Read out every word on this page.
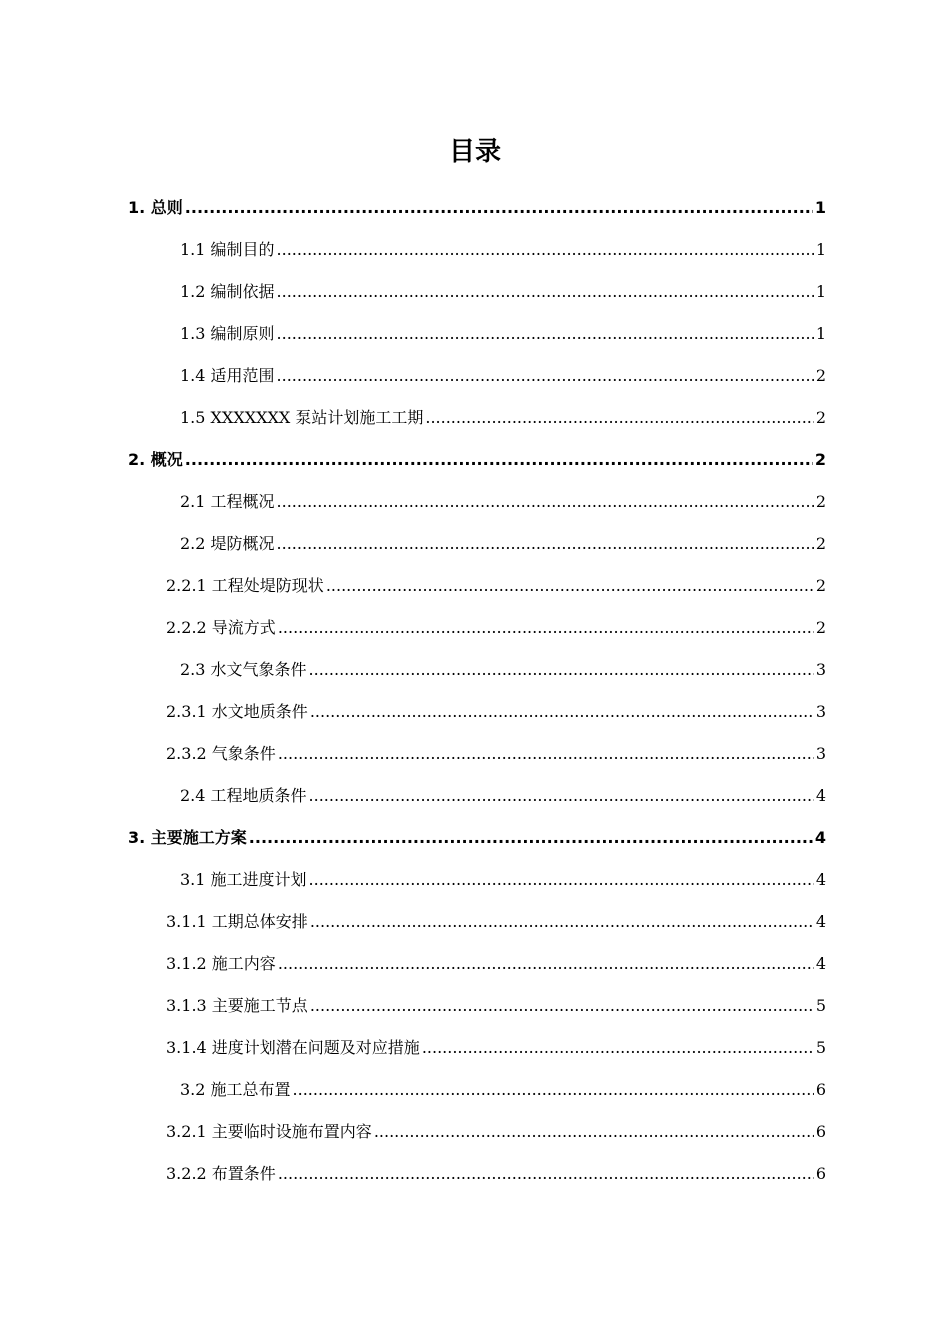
目录
1. 总则 .....	1
1.1 编制目的 .....	1
1.2 编制依据 .....	1
1.3 编制原则 .....	1
1.4 适用范围 .....	2
1.5 XXXXXXX 泵站计划施工工期 .....	2
2. 概况 .....	2
2.1 工程概况 .....	2
2.2 堤防概况 .....	2
2.2.1 工程处堤防现状 .....	2
2.2.2 导流方式 .....	2
2.3 水文气象条件 .....	3
2.3.1 水文地质条件 .....	3
2.3.2 气象条件 .....	3
2.4 工程地质条件 .....	4
3. 主要施工方案 .....	4
3.1 施工进度计划 .....	4
3.1.1 工期总体安排 .....	4
3.1.2 施工内容 .....	4
3.1.3 主要施工节点 .....	5
3.1.4 进度计划潜在问题及对应措施 .....	5
3.2 施工总布置 .....	6
3.2.1 主要临时设施布置内容 .....	6
3.2.2 布置条件 .....	6
